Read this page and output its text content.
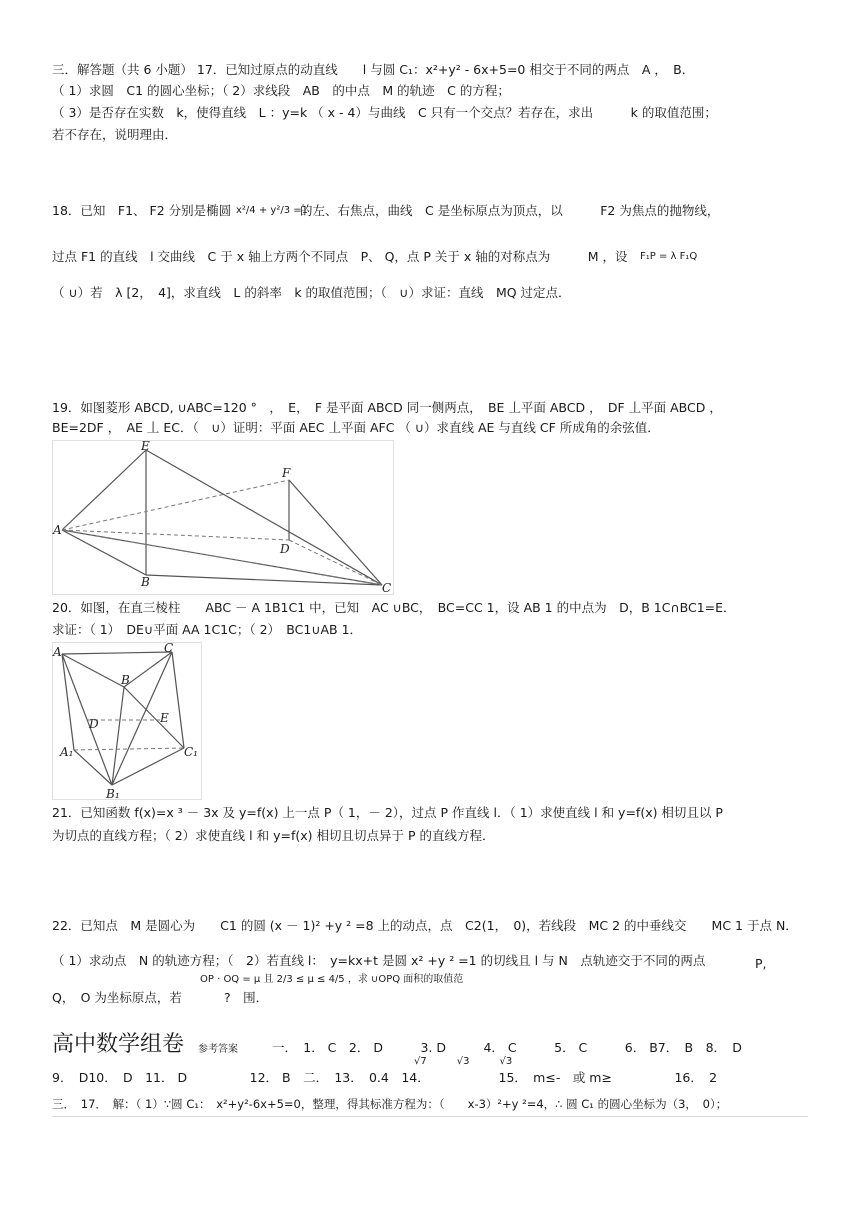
三．解答题（共 6 小题） 17．已知过原点的动直线　　l 与圆 C₁：x²+y² - 6x+5=0 相交于不同的两点　A ，　B．
（ 1）求圆　C1 的圆心坐标；（ 2）求线段　AB　的中点　M 的轨迹　C 的方程；
（ 3）是否存在实数　k，使得直线　L ：y=k （ x - 4）与曲线　C 只有一个交点？若存在，求出　　　k 的取值范围；
若不存在，说明理由．
18．已知　F1、 F2 分别是椭圆 x²/4 + y²/3 =1
的左、右焦点，曲线　C 是坐标原点为顶点，以　　　F2 为焦点的抛物线，
过点 F1 的直线　l 交曲线　C 于 x 轴上方两个不同点　P、 Q，点 P 关于 x 轴的对称点为　　　M ，设 F₁P = λ F₁Q
（ ∪）若　λ [2，　4]，求直线　L 的斜率　k 的取值范围；（　∪）求证：直线　MQ 过定点．
19．如图菱形 ABCD, ∪ABC=120 °　，　E，　F 是平面 ABCD 同一侧两点，　BE 丄平面 ABCD ，　DF 丄平面 ABCD ，
BE=2DF ，　AE 丄 EC．（　∪）证明：平面 AEC 丄平面 AFC （ ∪）求直线 AE 与直线 CF 所成角的余弦值．
A
E
B
F
D
C
20．如图，在直三棱柱　　ABC － A 1B1C1 中，已知　AC ∪BC，　BC=CC 1，设 AB 1 的中点为　D，B 1C∩BC1=E．
求证：（ 1）　DE∪平面 AA 1C1C；（ 2）　BC1∪AB 1．
A	C
B
D	E
A₁	C₁
B₁
21．已知函数 f(x)=x ³ － 3x 及 y=f(x) 上一点 P（ 1，－ 2），过点 P 作直线 l．（ 1）求使直线 l 和 y=f(x) 相切且以 P
为切点的直线方程；（ 2）求使直线 l 和 y=f(x) 相切且切点异于 P 的直线方程．
22．已知点　M 是圆心为　　C1 的圆 (x － 1)² +y ² =8 上的动点，点　C2(1，　0)，若线段　MC 2 的中垂线交　　MC 1 于点 N．
（ 1）求动点　N 的轨迹方程；（　2）若直线 l：　y=kx+t 是圆 x² +y ² =1 的切线且 l 与 N　点轨迹交于不同的两点	P,
OP · OQ = μ 且 2/3 ≤ μ ≤ 4/5 ，求 ∪OPQ 面积的取值范
Q，　O 为坐标原点，若	?　围．
高中数学组卷 参考答案	一．　1． C　2． D　　　3. D　　　4． C　　　5． C　　　6． B7．　B　8．　D
√7　　　√3　　　√3
9．　D10．　D　11． D　　　　　12． B　二．　13．　0.4　14．　　　　　　15．　m≤-　或 m≥　　　　　16．　2
三．　17．　解：（ 1）∵圆 C₁：　x²+y²-6x+5=0，整理，得其标准方程为：（　　x-3）²+y ²=4，∴ 圆 C₁ 的圆心坐标为（3，　0）；
